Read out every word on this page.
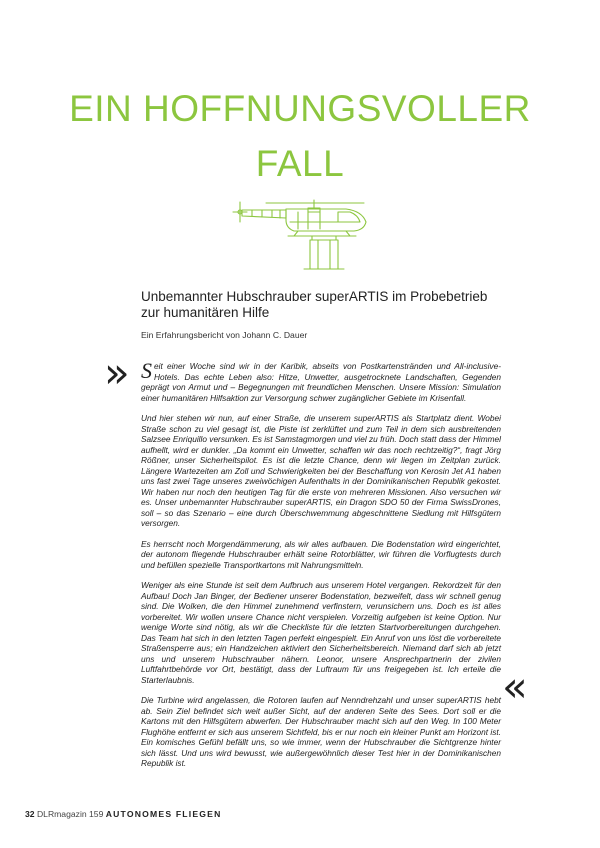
EIN HOFFNUNGSVOLLER
FALL
Unbemannter Hubschrauber superARTIS im Probebetrieb zur humanitären Hilfe
Ein Erfahrungsbericht von Johann C. Dauer
» Seit einer Woche sind wir in der Karibik, abseits von Postkartenstränden und All-inclusive-Hotels. Das echte Leben also: Hitze, Unwetter, ausgetrocknete Landschaften, Gegenden geprägt von Armut und – Begegnungen mit freundlichen Menschen. Unsere Mission: Simulation einer humanitären Hilfsaktion zur Versorgung schwer zugänglicher Gebiete im Krisenfall.

Und hier stehen wir nun, auf einer Straße, die unserem superARTIS als Startplatz dient. Wobei Straße schon zu viel gesagt ist, die Piste ist zerklüftet und zum Teil in dem sich ausbreitenden Salzsee Enriquillo versunken. Es ist Samstagmorgen und viel zu früh. Doch statt dass der Himmel aufhellt, wird er dunkler. „Da kommt ein Unwetter, schaffen wir das noch rechtzeitig?“, fragt Jörg Rößner, unser Sicherheitspilot. Es ist die letzte Chance, denn wir liegen im Zeitplan zurück. Längere Wartezeiten am Zoll und Schwierigkeiten bei der Beschaffung von Kerosin Jet A1 haben uns fast zwei Tage unseres zweiwöchigen Aufenthalts in der Dominikanischen Republik gekostet. Wir haben nur noch den heutigen Tag für die erste von mehreren Missionen. Also versuchen wir es. Unser unbemannter Hubschrauber superARTIS, ein Dragon SDO 50 der Firma SwissDrones, soll – so das Szenario – eine durch Überschwemmung abgeschnittene Siedlung mit Hilfsgütern versorgen.

Es herrscht noch Morgendämmerung, als wir alles aufbauen. Die Bodenstation wird eingerichtet, der autonom fliegende Hubschrauber erhält seine Rotorblätter, wir führen die Vorflugtests durch und befüllen spezielle Transportkartons mit Nahrungsmitteln.

Weniger als eine Stunde ist seit dem Aufbruch aus unserem Hotel vergangen. Rekordzeit für den Aufbau! Doch Jan Binger, der Bediener unserer Bodenstation, bezweifelt, dass wir schnell genug sind. Die Wolken, die den Himmel zunehmend verfinstern, verunsichern uns. Doch es ist alles vorbereitet. Wir wollen unsere Chance nicht verspielen. Vorzeitig aufgeben ist keine Option. Nur wenige Worte sind nötig, als wir die Checkliste für die letzten Startvorbereitungen durchgehen. Das Team hat sich in den letzten Tagen perfekt eingespielt. Ein Anruf von uns löst die vorbereitete Straßensperre aus; ein Handzeichen aktiviert den Sicherheitsbereich. Niemand darf sich ab jetzt uns und unserem Hubschrauber nähern. Leonor, unsere Ansprechpartnerin der zivilen Luftfahrtbehörde vor Ort, bestätigt, dass der Luftraum für uns freigegeben ist. Ich erteile die Starterlaubnis.

Die Turbine wird angelassen, die Rotoren laufen auf Nenndrehzahl und unser superARTIS hebt ab. Sein Ziel befindet sich weit außer Sicht, auf der anderen Seite des Sees. Dort soll er die Kartons mit den Hilfsgütern abwerfen. Der Hubschrauber macht sich auf den Weg. In 100 Meter Flughöhe entfernt er sich aus unserem Sichtfeld, bis er nur noch ein kleiner Punkt am Horizont ist. Ein komisches Gefühl befällt uns, so wie immer, wenn der Hubschrauber die Sichtgrenze hinter sich lässt. Und uns wird bewusst, wie außergewöhnlich dieser Test hier in der Dominikanischen Republik ist.

«
32 DLRmagazin 159 AUTONOMES FLIEGEN
